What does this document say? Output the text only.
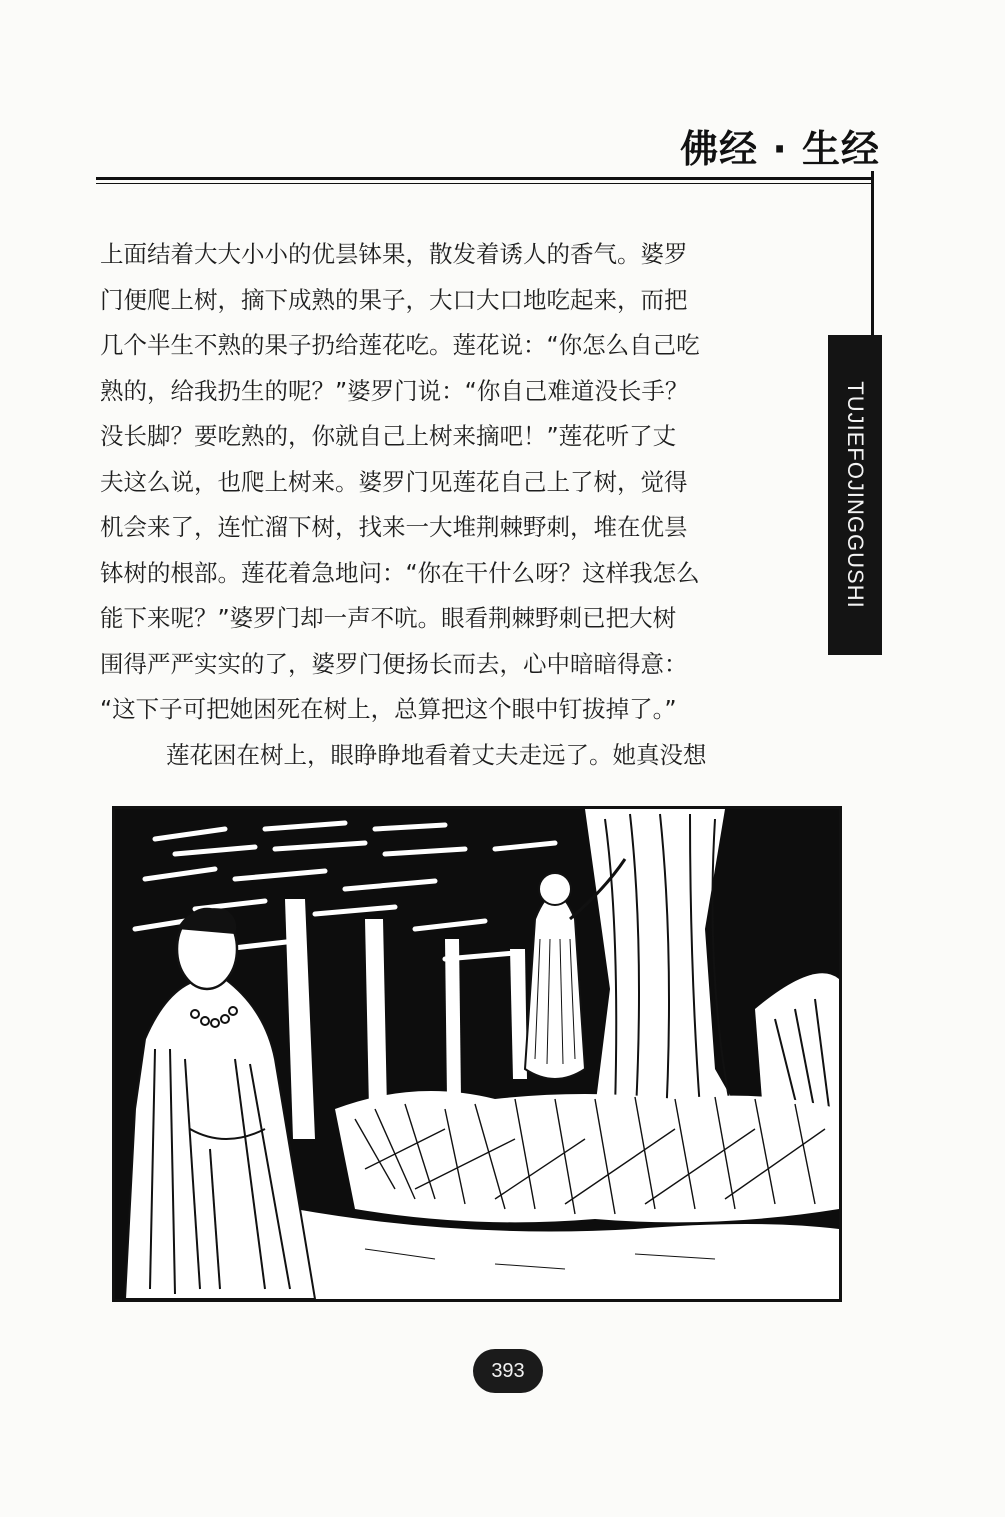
佛经 · 生经
TUJIEFOJINGGUSHI

上面结着大大小小的优昙钵果，散发着诱人的香气。婆罗

门便爬上树，摘下成熟的果子，大口大口地吃起来，而把

几个半生不熟的果子扔给莲花吃。莲花说：“你怎么自己吃

熟的，给我扔生的呢？”婆罗门说：“你自己难道没长手？

没长脚？要吃熟的，你就自己上树来摘吧！”莲花听了丈

夫这么说，也爬上树来。婆罗门见莲花自己上了树，觉得

机会来了，连忙溜下树，找来一大堆荆棘野刺，堆在优昙

钵树的根部。莲花着急地问：“你在干什么呀？这样我怎么

能下来呢？”婆罗门却一声不吭。眼看荆棘野刺已把大树

围得严严实实的了，婆罗门便扬长而去，心中暗暗得意：

“这下子可把她困死在树上，总算把这个眼中钉拔掉了。”

莲花困在树上，眼睁睁地看着丈夫走远了。她真没想

393
